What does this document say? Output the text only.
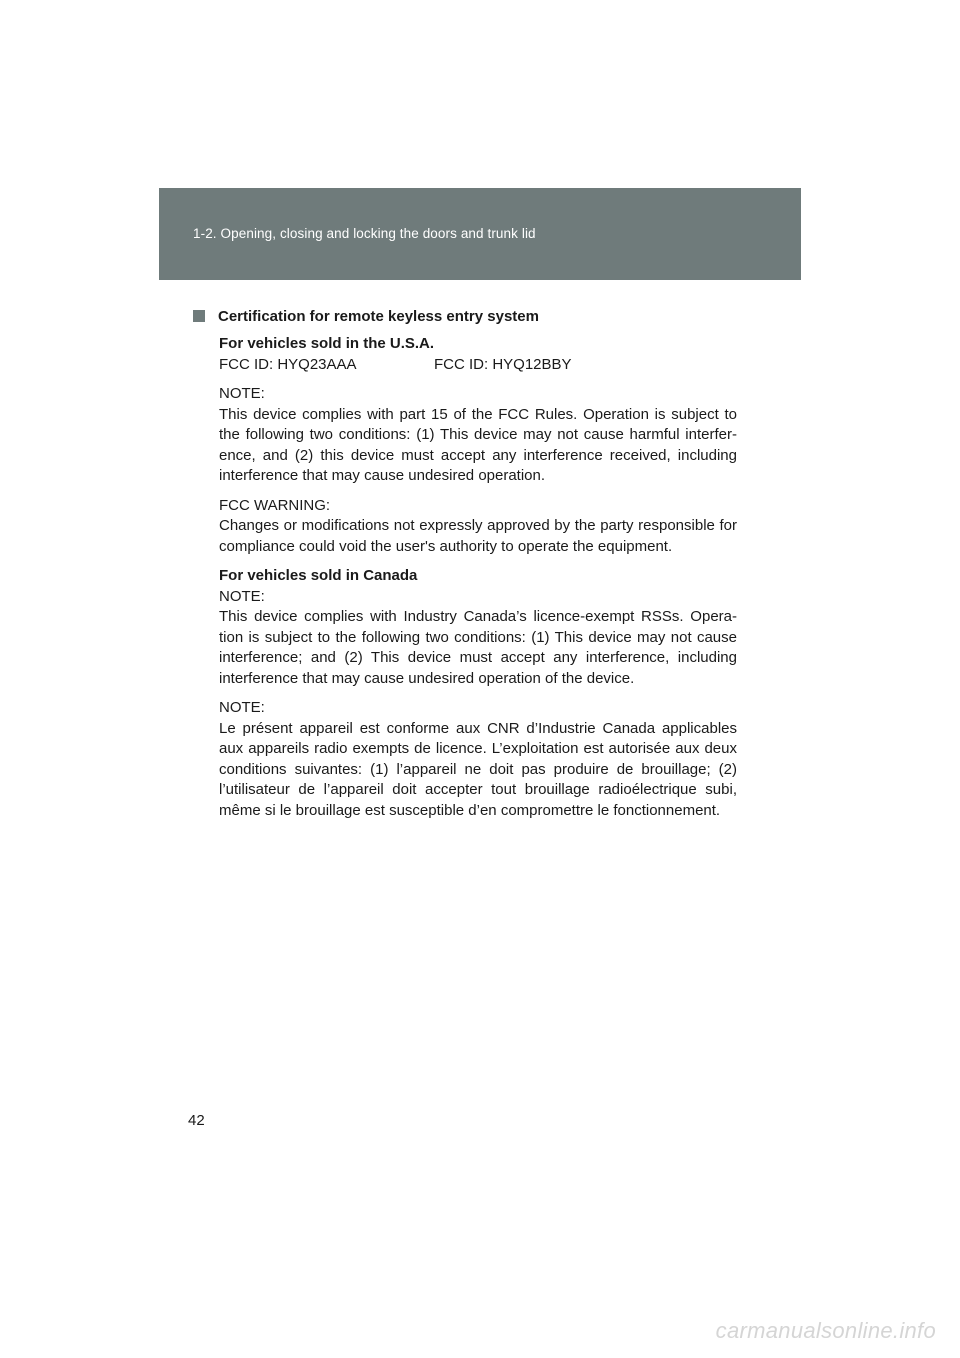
1-2. Opening, closing and locking the doors and trunk lid
Certification for remote keyless entry system
For vehicles sold in the U.S.A.
FCC ID: HYQ23AAA	FCC ID: HYQ12BBY
NOTE:
This device complies with part 15 of the FCC Rules. Operation is subject to the following two conditions: (1) This device may not cause harmful interfer-ence, and (2) this device must accept any interference received, including interference that may cause undesired operation.
FCC WARNING:
Changes or modifications not expressly approved by the party responsible for compliance could void the user's authority to operate the equipment.
For vehicles sold in Canada
NOTE:
This device complies with Industry Canada’s licence-exempt RSSs. Opera-tion is subject to the following two conditions: (1) This device may not cause interference; and (2) This device must accept any interference, including interference that may cause undesired operation of the device.
NOTE:
Le présent appareil est conforme aux CNR d’Industrie Canada applicables aux appareils radio exempts de licence. L’exploitation est autorisée aux deux conditions suivantes: (1) l’appareil ne doit pas produire de brouillage; (2) l’utilisateur de l’appareil doit accepter tout brouillage radioélectrique subi, même si le brouillage est susceptible d’en compromettre le fonctionnement.
42
carmanualsonline.info
